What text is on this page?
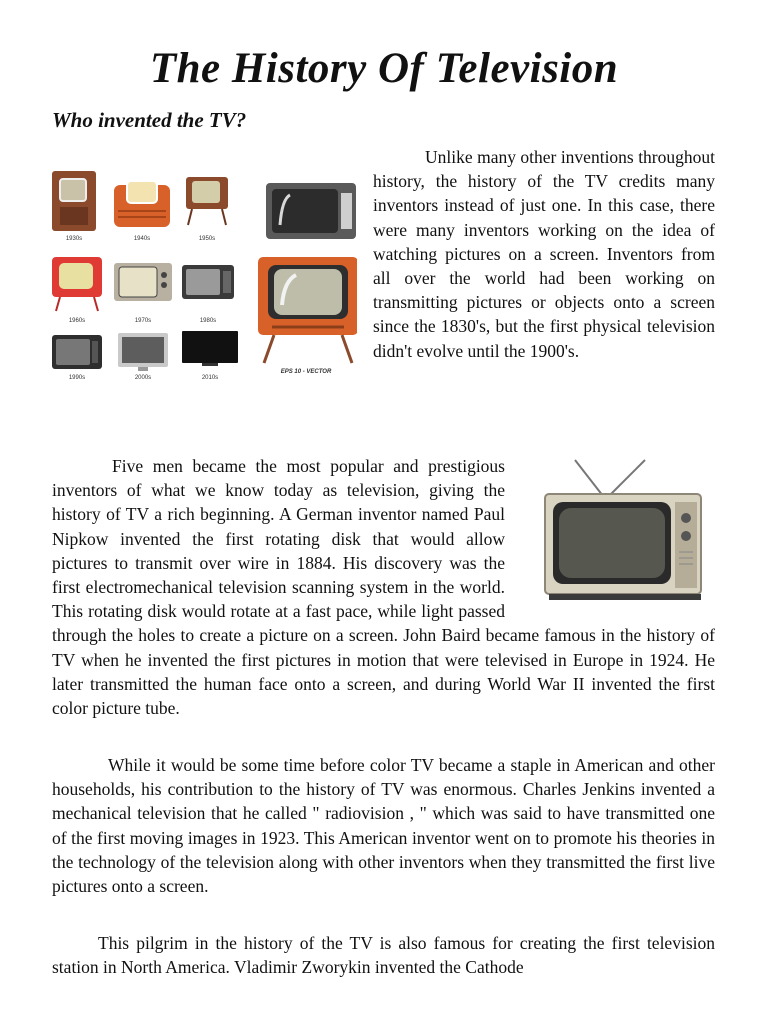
The History Of Television
Who invented the TV?
1930s	1940s	1950s
1960s	1970s	1980s
1990s	2000s	2010s
EPS 10 - VECTOR
Unlike many other inventions throughout history, the history of the TV credits many inventors instead of just one. In this case, there were many inventors working on the idea of watching pictures on a screen. Inventors from all over the world had been working on transmitting pictures or objects onto a screen since the 1830's, but the first physical television didn't evolve until the 1900's.
Five men became the most popular and prestigious inventors of what we know today as television, giving the history of TV a rich beginning. A German inventor named Paul Nipkow invented the first rotating disk that would allow pictures to transmit over wire in 1884. His discovery was the first electromechanical television scanning system in the world. This rotating disk would rotate at a fast pace, while light passed through the holes to create a picture on a screen. John Baird became famous in the history of TV when he invented the first pictures in motion that were televised in Europe in 1924. He later transmitted the human face onto a screen, and during World War II invented the first color picture tube.

While it would be some time before color TV became a staple in American and other households, his contribution to the history of TV was enormous. Charles Jenkins invented a mechanical television that he called " radiovision , " which was said to have transmitted one of the first moving images in 1923. This American inventor went on to promote his theories in the technology of the television along with other inventors when they transmitted the first live pictures onto a screen.

This pilgrim in the history of the TV is also famous for creating the first television station in North America. Vladimir Zworykin invented the Cathode
